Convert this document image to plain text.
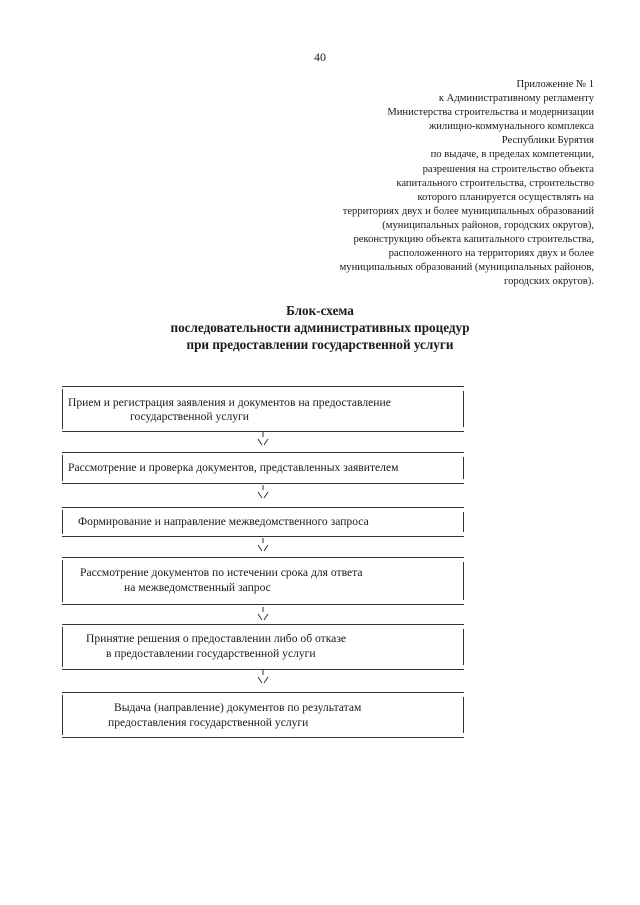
40
Приложение № 1
к Административному регламенту
Министерства строительства и модернизации
жилищно-коммунального комплекса
Республики Бурятия
по выдаче, в пределах компетенции,
разрешения на строительство объекта
капитального строительства, строительство
которого планируется осуществлять на
территориях двух и более муниципальных образований
(муниципальных районов, городских округов),
реконструкцию объекта капитального строительства,
расположенного на территориях двух и более
муниципальных образований (муниципальных районов,
городских округов).
Блок-схема
последовательности административных процедур
при предоставлении государственной услуги
Прием и регистрация заявления и документов на предоставление
государственной услуги
Рассмотрение и проверка документов, представленных заявителем
Формирование и направление межведомственного запроса
Рассмотрение документов по истечении срока для ответа
на межведомственный запрос
Принятие решения о предоставлении либо об отказе
в предоставлении государственной услуги
Выдача (направление) документов по результатам
предоставления государственной услуги
